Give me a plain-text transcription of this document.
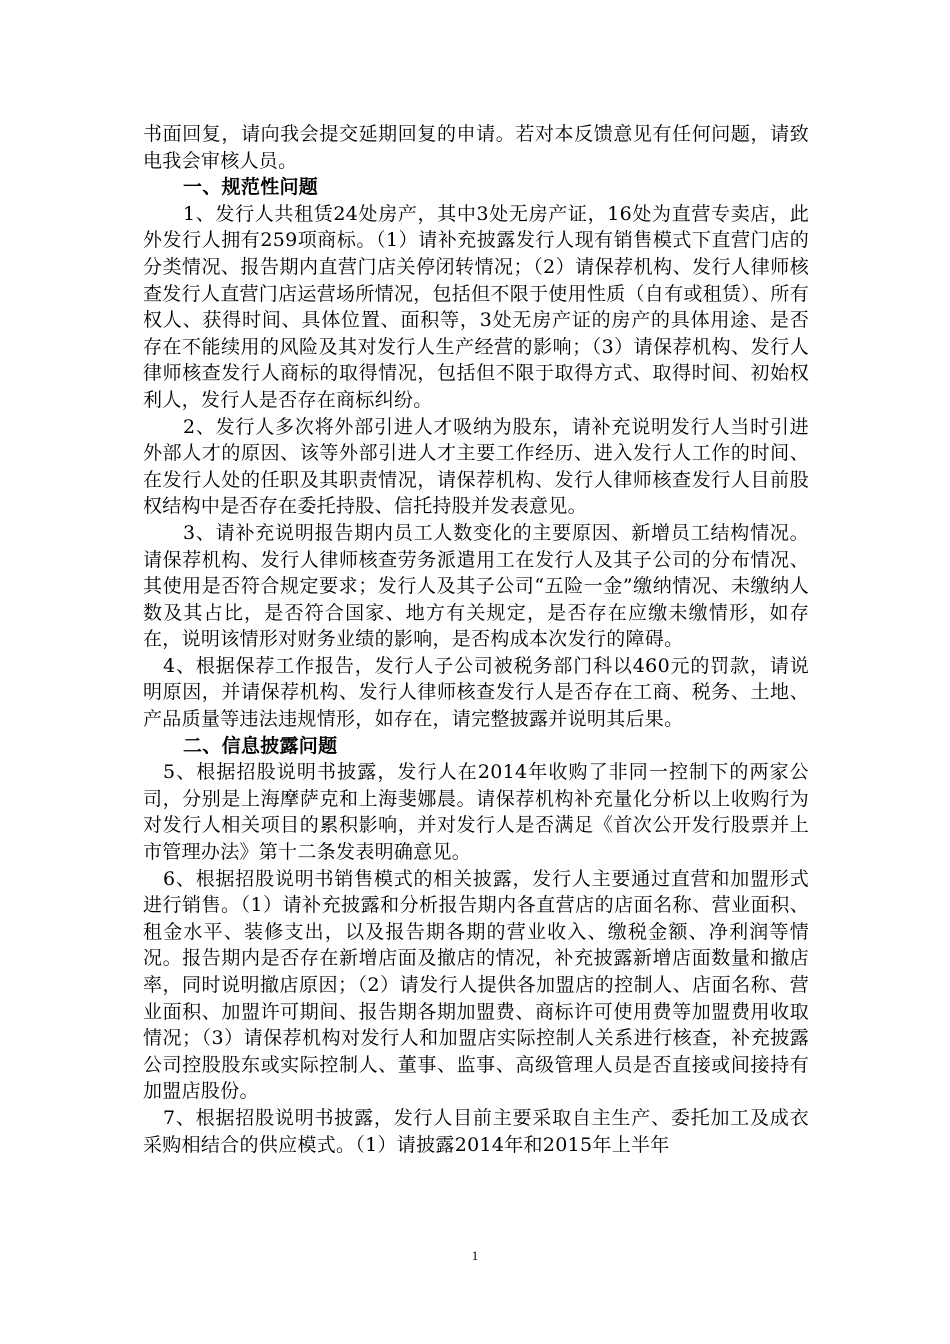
书面回复，请向我会提交延期回复的申请。若对本反馈意见有任何问题，请致电我会审核人员。

一、规范性问题

1、发行人共租赁24处房产，其中3处无房产证，16处为直营专卖店，此外发行人拥有259项商标。（1）请补充披露发行人现有销售模式下直营门店的分类情况、报告期内直营门店关停闭转情况；（2）请保荐机构、发行人律师核查发行人直营门店运营场所情况，包括但不限于使用性质（自有或租赁）、所有权人、获得时间、具体位置、面积等，3处无房产证的房产的具体用途、是否存在不能续用的风险及其对发行人生产经营的影响；（3）请保荐机构、发行人律师核查发行人商标的取得情况，包括但不限于取得方式、取得时间、初始权利人，发行人是否存在商标纠纷。

2、发行人多次将外部引进人才吸纳为股东，请补充说明发行人当时引进外部人才的原因、该等外部引进人才主要工作经历、进入发行人工作的时间、在发行人处的任职及其职责情况，请保荐机构、发行人律师核查发行人目前股权结构中是否存在委托持股、信托持股并发表意见。

3、请补充说明报告期内员工人数变化的主要原因、新增员工结构情况。请保荐机构、发行人律师核查劳务派遣用工在发行人及其子公司的分布情况、其使用是否符合规定要求；发行人及其子公司“五险一金”缴纳情况、未缴纳人数及其占比，是否符合国家、地方有关规定，是否存在应缴未缴情形，如存在，说明该情形对财务业绩的影响，是否构成本次发行的障碍。

4、根据保荐工作报告，发行人子公司被税务部门科以460元的罚款，请说明原因，并请保荐机构、发行人律师核查发行人是否存在工商、税务、土地、产品质量等违法违规情形，如存在，请完整披露并说明其后果。

二、信息披露问题

5、根据招股说明书披露，发行人在2014年收购了非同一控制下的两家公司，分别是上海摩萨克和上海斐娜晨。请保荐机构补充量化分析以上收购行为对发行人相关项目的累积影响，并对发行人是否满足《首次公开发行股票并上市管理办法》第十二条发表明确意见。

6、根据招股说明书销售模式的相关披露，发行人主要通过直营和加盟形式进行销售。（1）请补充披露和分析报告期内各直营店的店面名称、营业面积、租金水平、装修支出，以及报告期各期的营业收入、缴税金额、净利润等情况。报告期内是否存在新增店面及撤店的情况，补充披露新增店面数量和撤店率，同时说明撤店原因；（2）请发行人提供各加盟店的控制人、店面名称、营业面积、加盟许可期间、报告期各期加盟费、商标许可使用费等加盟费用收取情况；（3）请保荐机构对发行人和加盟店实际控制人关系进行核查，补充披露公司控股股东或实际控制人、董事、监事、高级管理人员是否直接或间接持有加盟店股份。

7、根据招股说明书披露，发行人目前主要采取自主生产、委托加工及成衣采购相结合的供应模式。（1）请披露2014年和2015年上半年

1
